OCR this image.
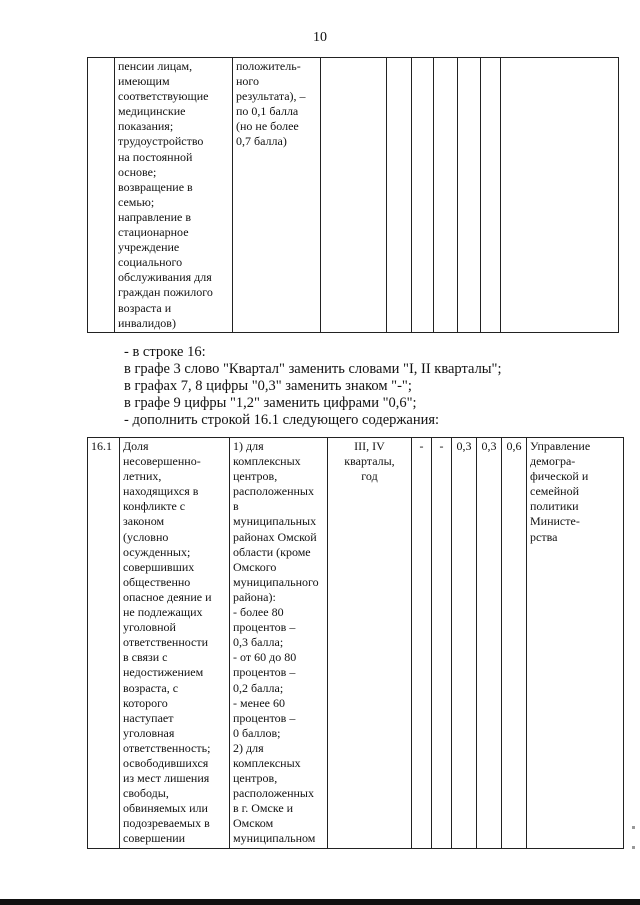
10
	пенсии лицам,
имеющим
соответствующие
медицинские
показания;
трудоустройство
на постоянной
основе;
возвращение в
семью;
направление в
стационарное
учреждение
социального
обслуживания для
граждан пожилого
возраста и
инвалидов)	положитель-
ного
результата), –
по 0,1 балла
(но не более
0,7 балла)							
- в строке 16:
в графе 3 слово "Квартал" заменить словами "I, II кварталы";
в графах 7, 8 цифры "0,3" заменить знаком "-";
в графе 9 цифры "1,2" заменить цифрами "0,6";
- дополнить строкой 16.1 следующего содержания:
16.1	Доля
несовершенно-
летних,
находящихся в
конфликте с
законом
(условно
осужденных;
совершивших
общественно
опасное деяние и
не подлежащих
уголовной
ответственности
в связи с
недостижением
возраста, с
которого
наступает
уголовная
ответственность;
освободившихся
из мест лишения
свободы,
обвиняемых или
подозреваемых в
совершении	1) для
комплексных
центров,
расположенных
в
муниципальных
районах Омской
области (кроме
Омского
муниципального
района):
- более 80
процентов –
0,3 балла;
- от 60 до 80
процентов –
0,2 балла;
- менее 60
процентов –
0 баллов;
2) для
комплексных
центров,
расположенных
в г. Омске и
Омском
муниципальном	III, IV
кварталы,
год	-	-	0,3	0,3	0,6	Управление
демогра-
фической и
семейной
политики
Министе-
рства
